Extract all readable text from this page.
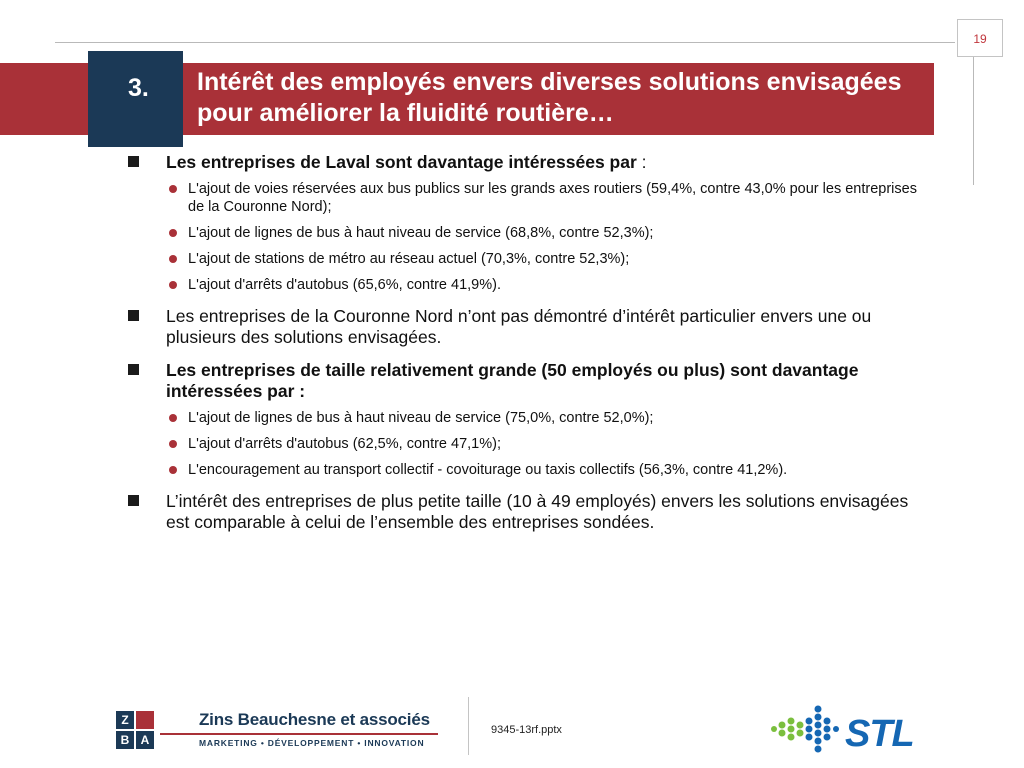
19
3.	Intérêt des employés envers diverses solutions envisagées pour améliorer la fluidité routière…
Les entreprises de Laval sont davantage intéressées par :
L'ajout de voies réservées aux bus publics sur les grands axes routiers (59,4%, contre 43,0% pour les entreprises de la Couronne Nord);
L'ajout de lignes de bus à haut niveau de service (68,8%, contre 52,3%);
L'ajout de stations de métro au réseau actuel (70,3%, contre 52,3%);
L'ajout d'arrêts d'autobus (65,6%, contre 41,9%).
Les entreprises de la Couronne Nord n’ont pas démontré d’intérêt particulier envers une ou plusieurs des solutions envisagées.
Les entreprises de taille relativement grande (50 employés ou plus) sont davantage intéressées par :
L'ajout de lignes de bus à haut niveau de service (75,0%, contre 52,0%);
L'ajout d'arrêts d'autobus (62,5%, contre 47,1%);
L'encouragement au transport collectif - covoiturage ou taxis collectifs (56,3%, contre 41,2%).
L’intérêt des entreprises de plus petite taille (10 à 49 employés) envers les solutions envisagées est comparable à celui de l’ensemble des entreprises sondées.
Z
B A
Zins Beauchesne et associés
MARKETING • DÉVELOPPEMENT • INNOVATION
9345-13rf.pptx	STL
